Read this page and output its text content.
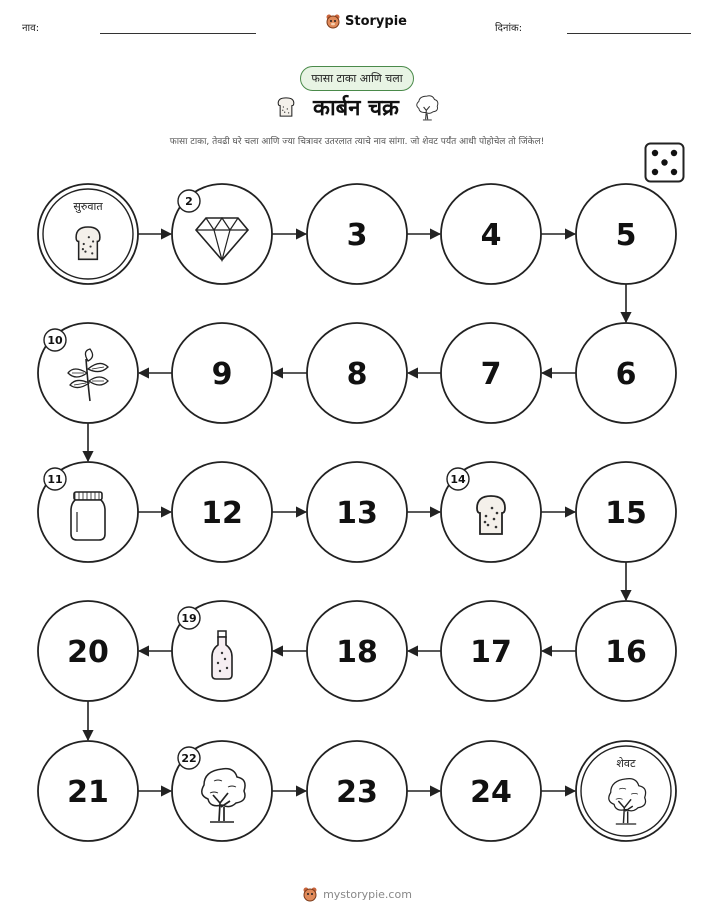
नाव:	Storypie	दिनांक:
फासा टाका आणि चला
कार्बन चक्र
फासा टाका, तेवढी घरे चला आणि ज्या चित्रावर उतरलात त्याचे नाव सांगा. जो शेवट पर्यंत आधी पोहोचेल तो जिंकेल!
सुरुवात	2
3	4	5
6
7
8
9
10
11
12	13
14
15
16
17
18
19
20
21
22
23	24
शेवट
mystorypie.com
